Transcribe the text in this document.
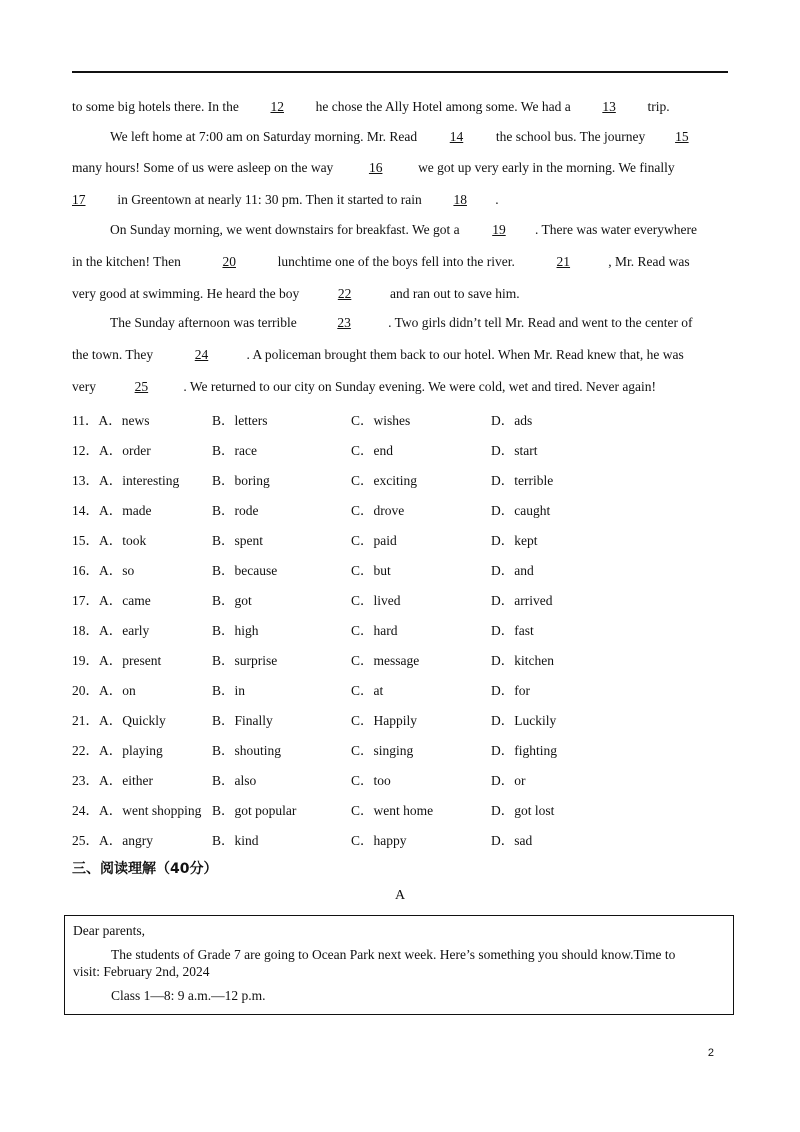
to some big hotels there. In the 12 he chose the Ally Hotel among some. We had a 13 trip.
We left home at 7:00 am on Saturday morning. Mr. Read 14 the school bus. The journey 15
many hours! Some of us were asleep on the way	16	we got up very early in the morning. We finally
17 in Greentown at nearly 11: 30 pm. Then it started to rain 18 .
On Sunday morning, we went downstairs for breakfast. We got a 19 . There was water everywhere
in the kitchen! Then	20	lunchtime one of the boys fell into the river.	21	, Mr. Read was
very good at swimming. He heard the boy	22	and ran out to save him.
The Sunday afternoon was terrible	23	. Two girls didn’t tell Mr. Read and went to the center of
the town. They	24	. A policeman brought them back to our hotel. When Mr. Read knew that, he was
very	25	. We returned to our city on Sunday evening. We were cold, wet and tired. Never again!
11．A．news	B．letters	C．wishes	D．ads
12．A．order	B．race	C．end	D．start
13．A．interesting B．boring	C．exciting	D．terrible
14．A．made	B．rode	C．drove	D．caught
15．A．took	B．spent	C．paid	D．kept
16．A．so	B．because	C．but	D．and
17．A．came	B．got	C．lived	D．arrived
18．A．early	B．high	C．hard	D．fast
19．A．present	B．surprise	C．message	D．kitchen
20．A．on	B．in	C．at	D．for
21．A．Quickly	B．Finally	C．Happily	D．Luckily
22．A．playing	B．shouting	C．singing	D．fighting
23．A．either	B．also	C．too	D．or
24．A．went shopping B．got popular	C．went home	D．got lost
25．A．angry	B．kind	C．happy	D．sad
三、阅读理解（40分）
A
Dear parents,
The students of Grade 7 are going to Ocean Park next week. Here’s something you should know.Time to
visit: February 2nd, 2024
Class 1—8: 9 a.m.—12 p.m.
2
